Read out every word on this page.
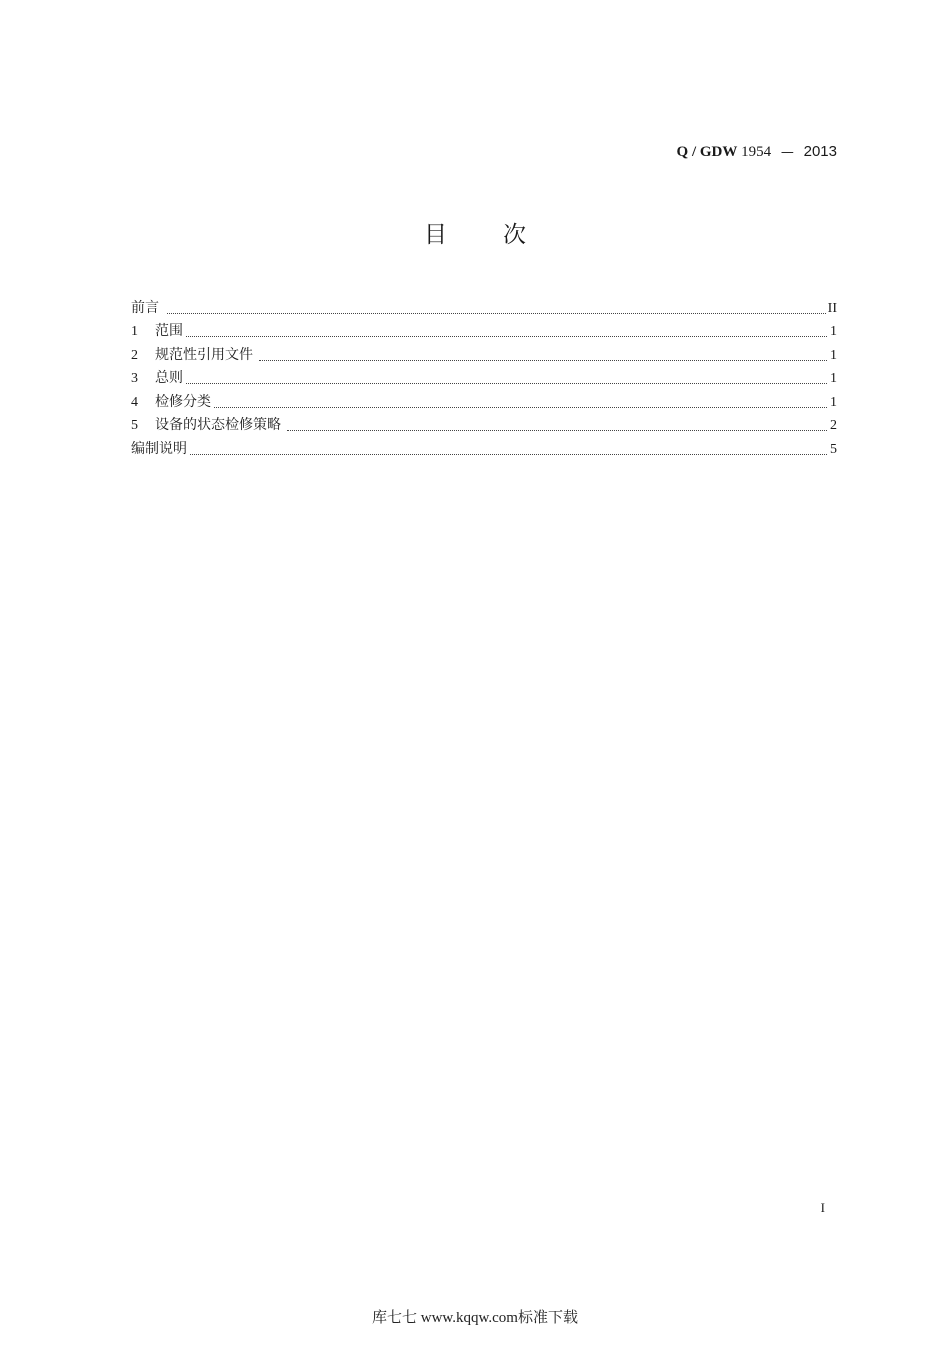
Q / GDW 1954 — 2013
目 次
前言	II
1	范围	1
2	规范性引用文件	1
3	总则	1
4	检修分类	1
5	设备的状态检修策略	2
编制说明	5
I
库七七 www.kqqw.com标准下载
